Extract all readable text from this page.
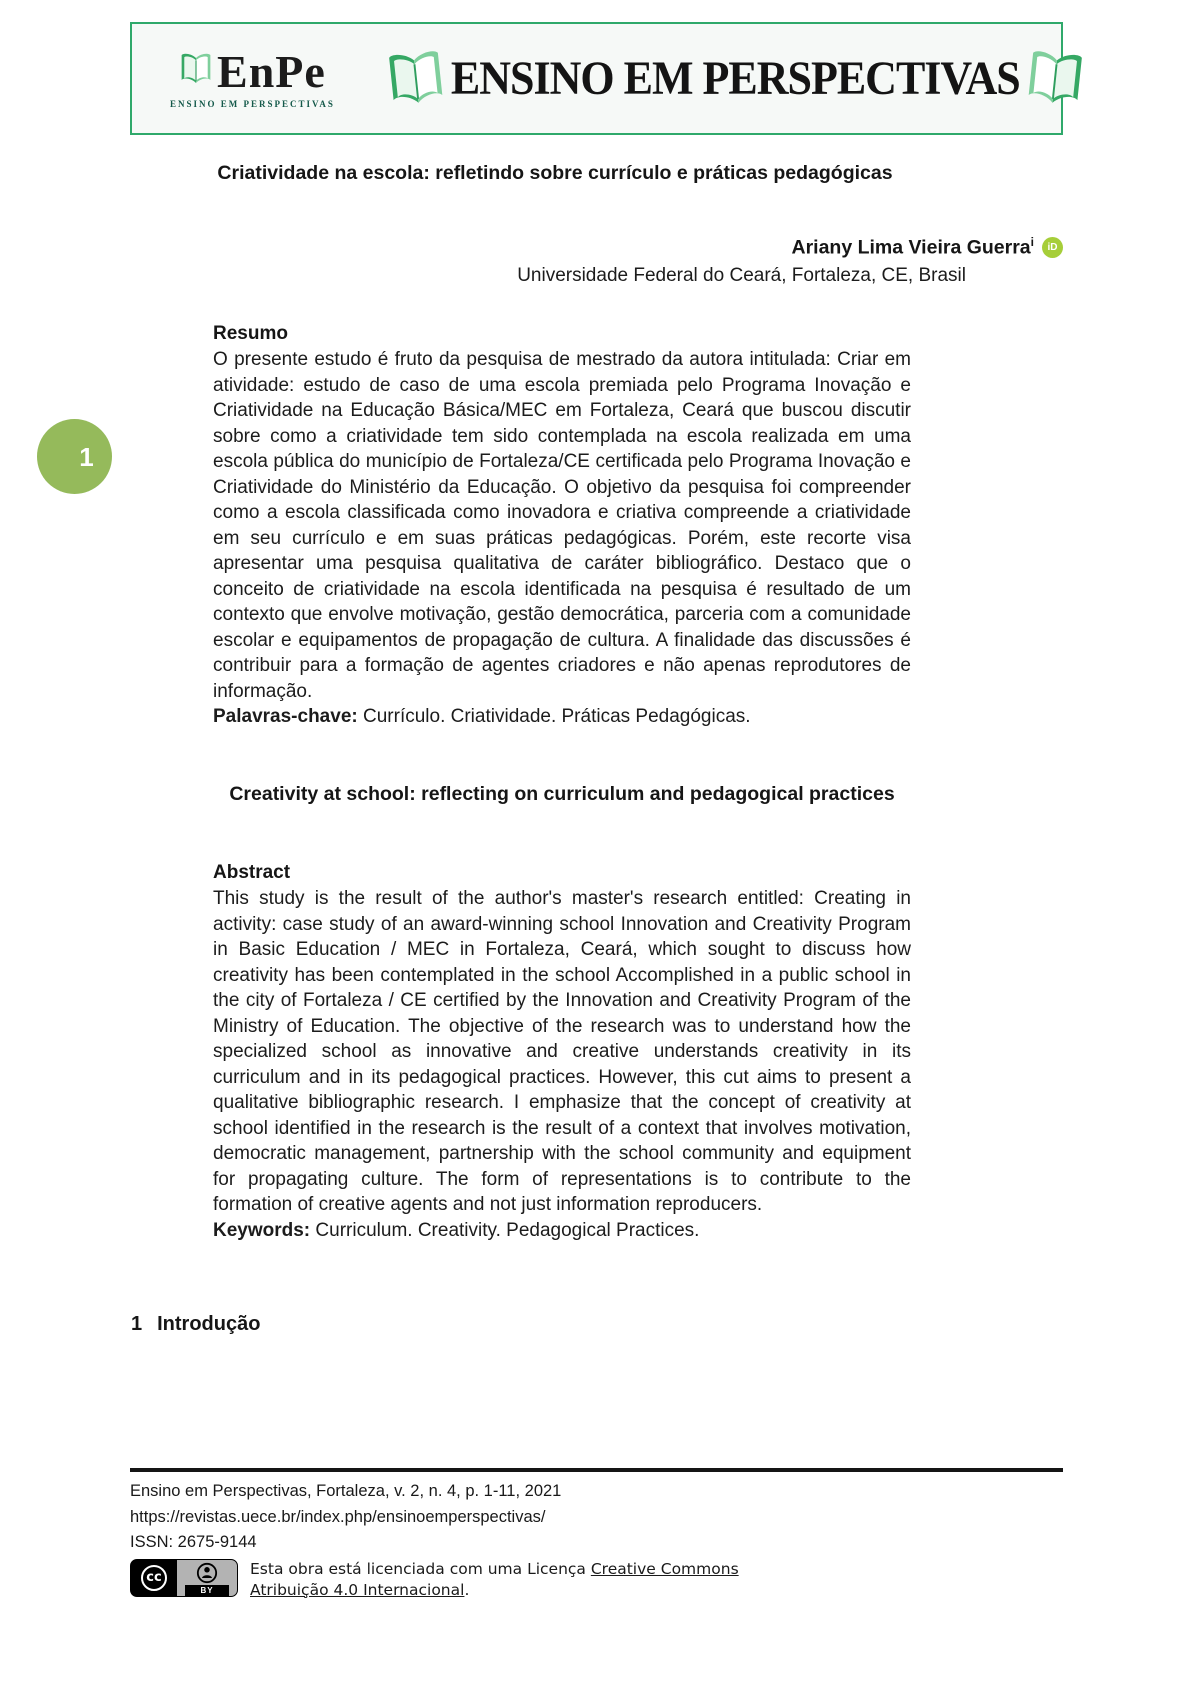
1
EnPe
ENSINO EM PERSPECTIVAS	ENSINO EM PERSPECTIVAS
Criatividade na escola: refletindo sobre currículo e práticas pedagógicas
Ariany Lima Vieira Guerra$^i$ iD
Universidade Federal do Ceará, Fortaleza, CE, Brasil
Resumo

O presente estudo é fruto da pesquisa de mestrado da autora intitulada: Criar em atividade: estudo de caso de uma escola premiada pelo Programa Inovação e Criatividade na Educação Básica/MEC em Fortaleza, Ceará que buscou discutir sobre como a criatividade tem sido contemplada na escola realizada em uma escola pública do município de Fortaleza/CE certificada pelo Programa Inovação e Criatividade do Ministério da Educação. O objetivo da pesquisa foi compreender como a escola classificada como inovadora e criativa compreende a criatividade em seu currículo e em suas práticas pedagógicas. Porém, este recorte visa apresentar uma pesquisa qualitativa de caráter bibliográfico. Destaco que o conceito de criatividade na escola identificada na pesquisa é resultado de um contexto que envolve motivação, gestão democrática, parceria com a comunidade escolar e equipamentos de propagação de cultura. A finalidade das discussões é contribuir para a formação de agentes criadores e não apenas reprodutores de informação.

Palavras-chave: Currículo. Criatividade. Práticas Pedagógicas.

Creativity at school: reflecting on curriculum and pedagogical practices
Abstract

This study is the result of the author's master's research entitled: Creating in activity: case study of an award-winning school Innovation and Creativity Program in Basic Education / MEC in Fortaleza, Ceará, which sought to discuss how creativity has been contemplated in the school Accomplished in a public school in the city of Fortaleza / CE certified by the Innovation and Creativity Program of the Ministry of Education. The objective of the research was to understand how the specialized school as innovative and creative understands creativity in its curriculum and in its pedagogical practices. However, this cut aims to present a qualitative bibliographic research. I emphasize that the concept of creativity at school identified in the research is the result of a context that involves motivation, democratic management, partnership with the school community and equipment for propagating culture. The form of representations is to contribute to the formation of creative agents and not just information reproducers.

Keywords: Curriculum. Creativity. Pedagogical Practices.

1 Introdução
Ensino em Perspectivas, Fortaleza, v. 2, n. 4, p. 1-11, 2021
https://revistas.uece.br/index.php/ensinoemperspectivas/
ISSN: 2675-9144
cc
BY

Esta obra está licenciada com uma Licença Creative Commons Atribuição 4.0 Internacional.
